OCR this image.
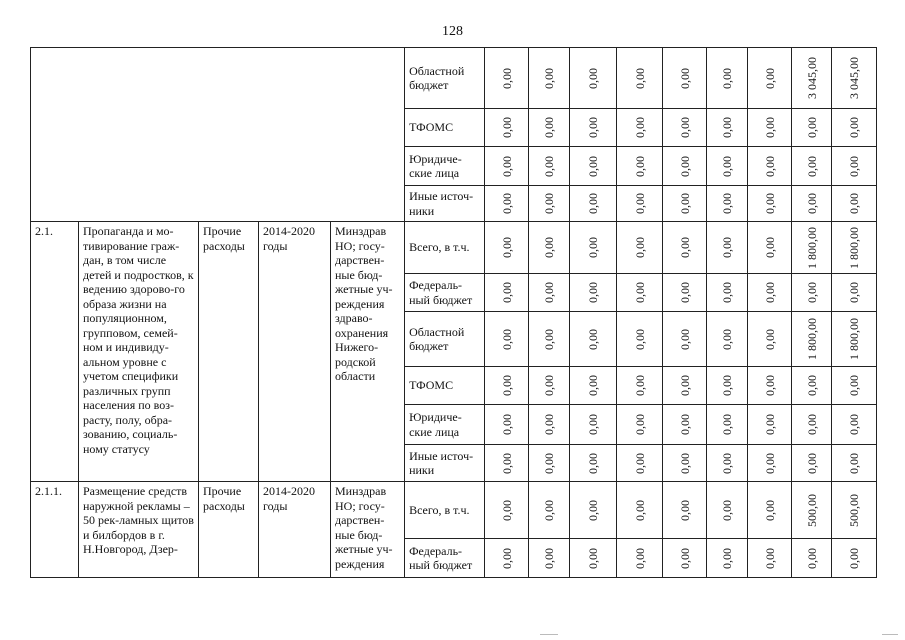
128
					Областной бюджет	0,00	0,00	0,00	0,00	0,00	0,00	0,00	3 045,00	3 045,00

					ТФОМС	0,00	0,00	0,00	0,00	0,00	0,00	0,00	0,00	0,00

					Юридиче-ские лица	0,00	0,00	0,00	0,00	0,00	0,00	0,00	0,00	0,00

					Иные источ-ники	0,00	0,00	0,00	0,00	0,00	0,00	0,00	0,00	0,00

2.1.	Пропаганда и мо-тивирование граж-дан, в том числе детей и подростков, к ведению здорово-го образа жизни на популяционном, групповом, семей-ном и индивиду-альном уровне с учетом специфики различных групп населения по воз-расту, полу, обра-зованию, социаль-ному статусу	Прочие расходы	2014-2020 годы	Минздрав НО; госу-дарствен-ные бюд-жетные уч-реждения здраво-охранения Нижего-родской области	Всего, в т.ч.	0,00	0,00	0,00	0,00	0,00	0,00	0,00	1 800,00	1 800,00

					Федераль-ный бюджет	0,00	0,00	0,00	0,00	0,00	0,00	0,00	0,00	0,00

					Областной бюджет	0,00	0,00	0,00	0,00	0,00	0,00	0,00	1 800,00	1 800,00

					ТФОМС	0,00	0,00	0,00	0,00	0,00	0,00	0,00	0,00	0,00

					Юридиче-ские лица	0,00	0,00	0,00	0,00	0,00	0,00	0,00	0,00	0,00

					Иные источ-ники	0,00	0,00	0,00	0,00	0,00	0,00	0,00	0,00	0,00

2.1.1.	Размещение средств наружной рекламы – 50 рек-ламных щитов и билбордов в г. Н.Новгород, Дзер-	Прочие расходы	2014-2020 годы	Минздрав НО; госу-дарствен-ные бюд-жетные уч-реждения	Всего, в т.ч.	0,00	0,00	0,00	0,00	0,00	0,00	0,00	500,00	500,00

					Федераль-ный бюджет	0,00	0,00	0,00	0,00	0,00	0,00	0,00	0,00	0,00
